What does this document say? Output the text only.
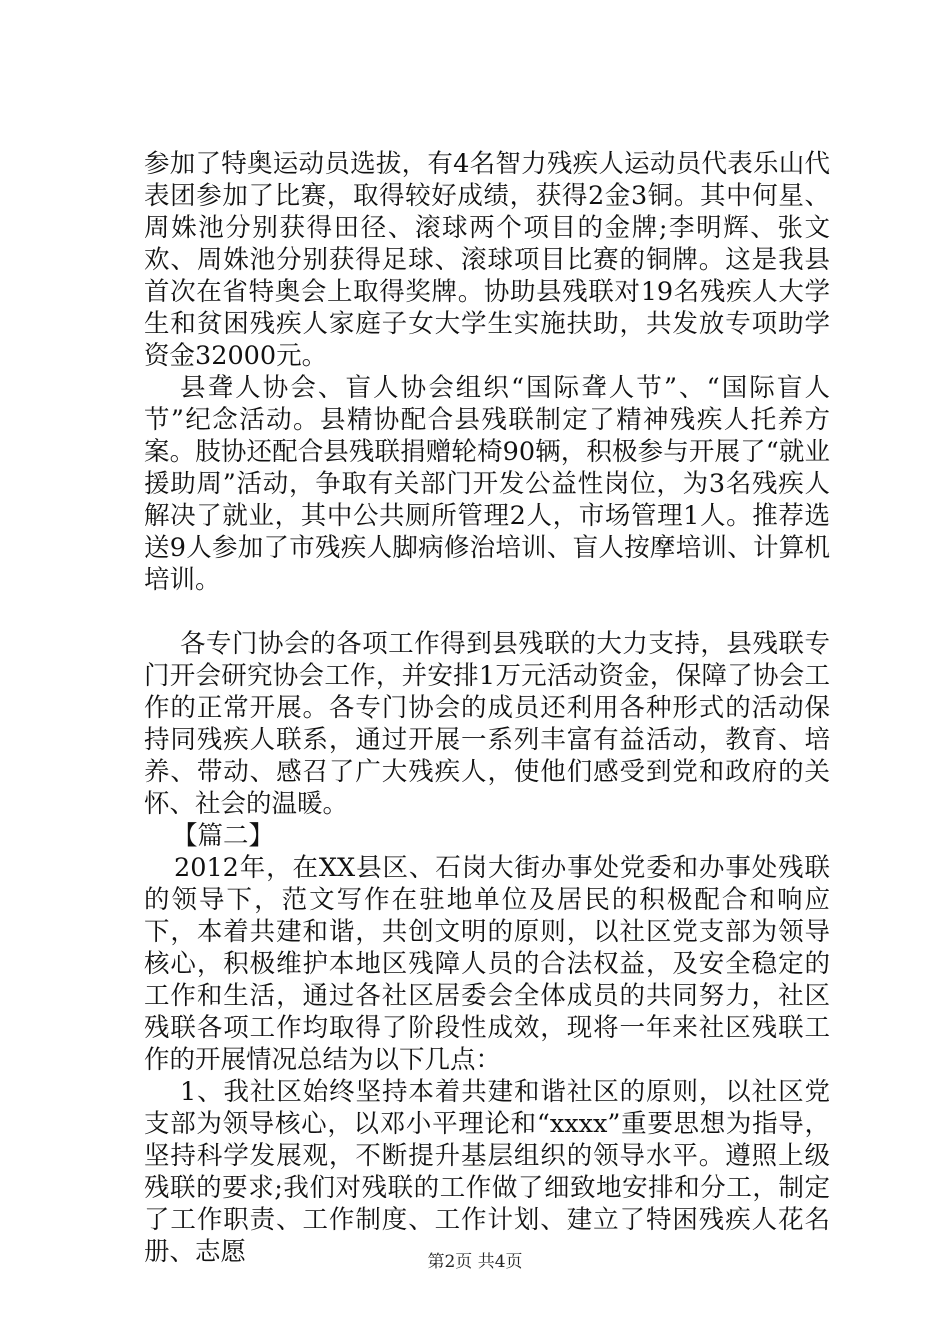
参加了特奥运动员选拔，有4名智力残疾人运动员代表乐山代表团参加了比赛，取得较好成绩，获得2金3铜。其中何星、周姝池分别获得田径、滚球两个项目的金牌;李明辉、张文欢、周姝池分别获得足球、滚球项目比赛的铜牌。这是我县首次在省特奥会上取得奖牌。协助县残联对19名残疾人大学生和贫困残疾人家庭子女大学生实施扶助，共发放专项助学资金32000元。

县聋人协会、盲人协会组织“国际聋人节”、“国际盲人节”纪念活动。县精协配合县残联制定了精神残疾人托养方案。肢协还配合县残联捐赠轮椅90辆，积极参与开展了“就业援助周”活动，争取有关部门开发公益性岗位，为3名残疾人解决了就业，其中公共厕所管理2人，市场管理1人。推荐选送9人参加了市残疾人脚病修治培训、盲人按摩培训、计算机培训。

各专门协会的各项工作得到县残联的大力支持，县残联专门开会研究协会工作，并安排1万元活动资金，保障了协会工作的正常开展。各专门协会的成员还利用各种形式的活动保持同残疾人联系，通过开展一系列丰富有益活动，教育、培养、带动、感召了广大残疾人，使他们感受到党和政府的关怀、社会的温暖。

【篇二】

2012年，在XX县区、石岗大街办事处党委和办事处残联的领导下，范文写作在驻地单位及居民的积极配合和响应下，本着共建和谐，共创文明的原则，以社区党支部为领导核心，积极维护本地区残障人员的合法权益，及安全稳定的工作和生活，通过各社区居委会全体成员的共同努力，社区残联各项工作均取得了阶段性成效，现将一年来社区残联工作的开展情况总结为以下几点：

1、我社区始终坚持本着共建和谐社区的原则，以社区党支部为领导核心，以邓小平理论和“xxxx”重要思想为指导，坚持科学发展观，不断提升基层组织的领导水平。遵照上级残联的要求;我们对残联的工作做了细致地安排和分工，制定了工作职责、工作制度、工作计划、建立了特困残疾人花名册、志愿	第2页 共4页
